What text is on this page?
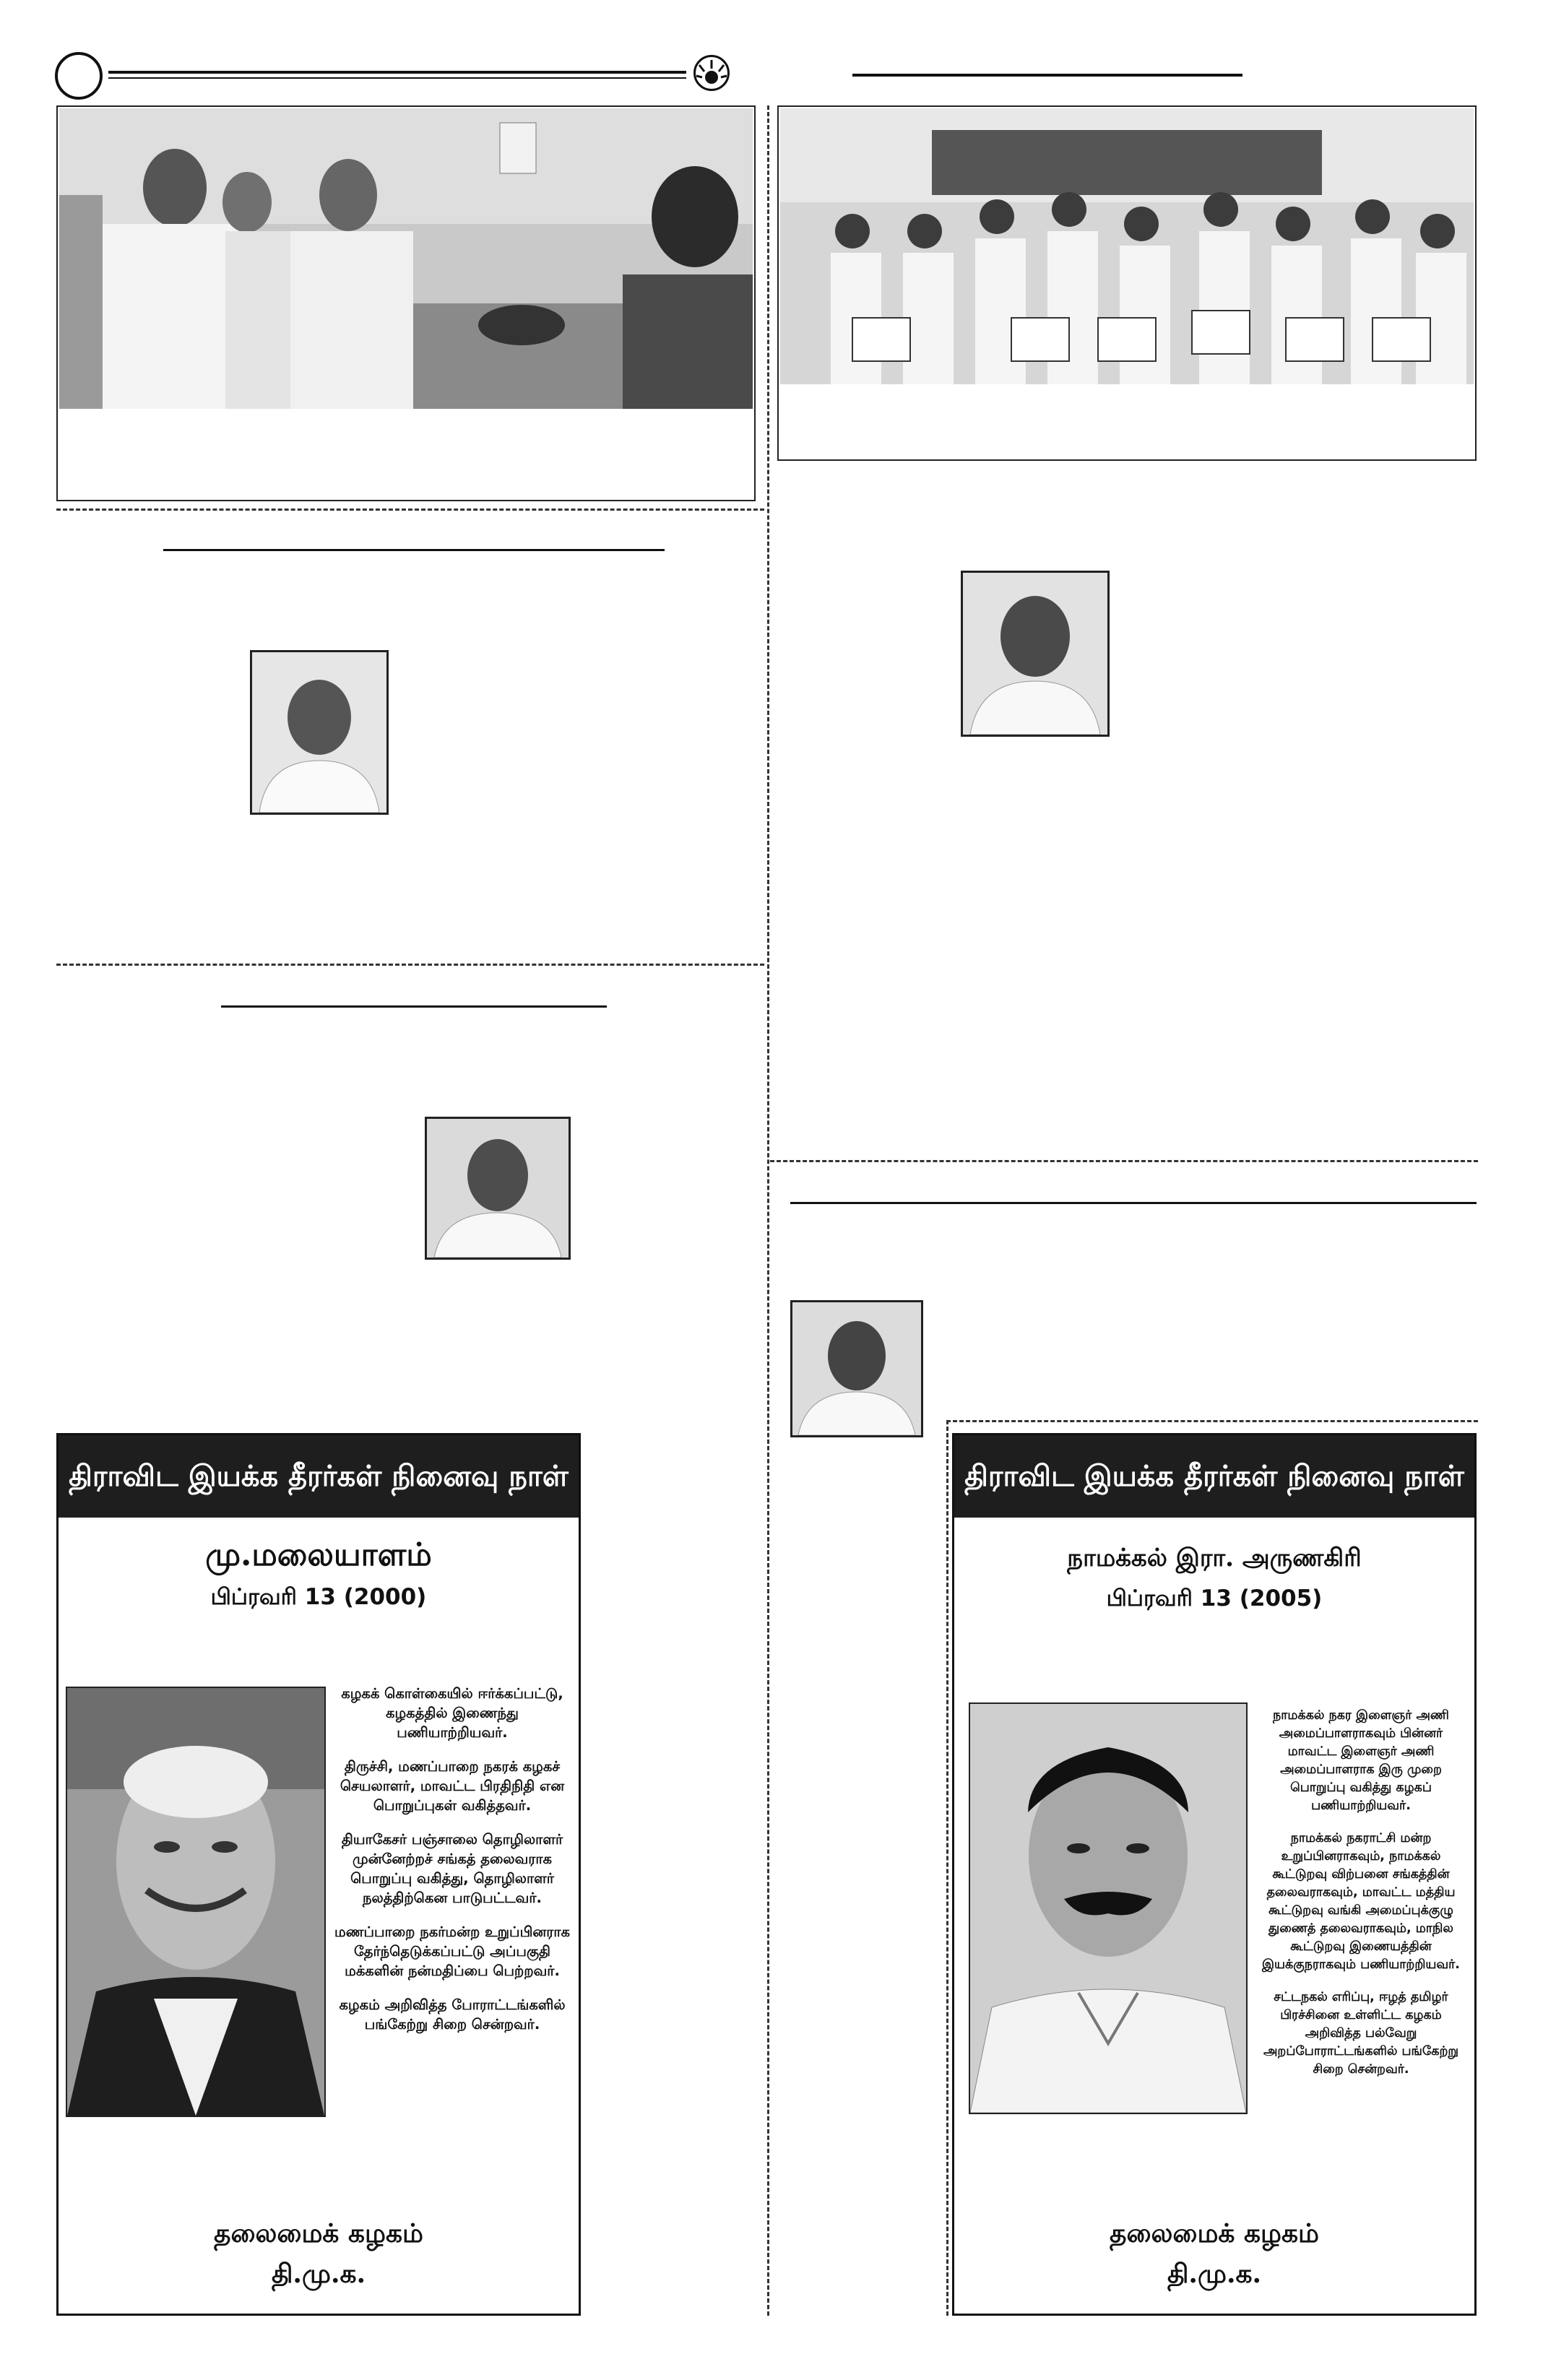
திராவிட இயக்க தீரர்கள் நினைவு நாள்
மு.மலையாளம்
பிப்ரவரி 13 (2000)

கழகக் கொள்கையில் ஈர்க்கப்பட்டு, கழகத்தில் இணைந்து பணியாற்றியவர்.

திருச்சி, மணப்பாறை நகரக் கழகச் செயலாளர், மாவட்ட பிரதிநிதி என பொறுப்புகள் வகித்தவர்.

தியாகேசர் பஞ்சாலை தொழிலாளர் முன்னேற்றச் சங்கத் தலைவராக பொறுப்பு வகித்து, தொழிலாளர் நலத்திற்கென பாடுபட்டவர்.

மணப்பாறை நகர்மன்ற உறுப்பினராக தேர்ந்தெடுக்கப்பட்டு அப்பகுதி மக்களின் நன்மதிப்பை பெற்றவர்.

கழகம் அறிவித்த போராட்டங்களில் பங்கேற்று சிறை சென்றவர்.

தலைமைக் கழகம்
தி.மு.க.
திராவிட இயக்க தீரர்கள் நினைவு நாள்
நாமக்கல் இரா. அருணகிரி
பிப்ரவரி 13 (2005)

நாமக்கல் நகர இளைஞர் அணி அமைப்பாளராகவும் பின்னர் மாவட்ட இளைஞர் அணி அமைப்பாளராக இரு முறை பொறுப்பு வகித்து கழகப் பணியாற்றியவர்.

நாமக்கல் நகராட்சி மன்ற உறுப்பினராகவும், நாமக்கல் கூட்டுறவு விற்பனை சங்கத்தின் தலைவராகவும், மாவட்ட மத்திய கூட்டுறவு வங்கி அமைப்புக்குழு துணைத் தலைவராகவும், மாநில கூட்டுறவு இணையத்தின் இயக்குநராகவும் பணியாற்றியவர்.

சட்டநகல் எரிப்பு, ஈழத் தமிழர் பிரச்சினை உள்ளிட்ட கழகம் அறிவித்த பல்வேறு அறப்போராட்டங்களில் பங்கேற்று சிறை சென்றவர்.

தலைமைக் கழகம்
தி.மு.க.
